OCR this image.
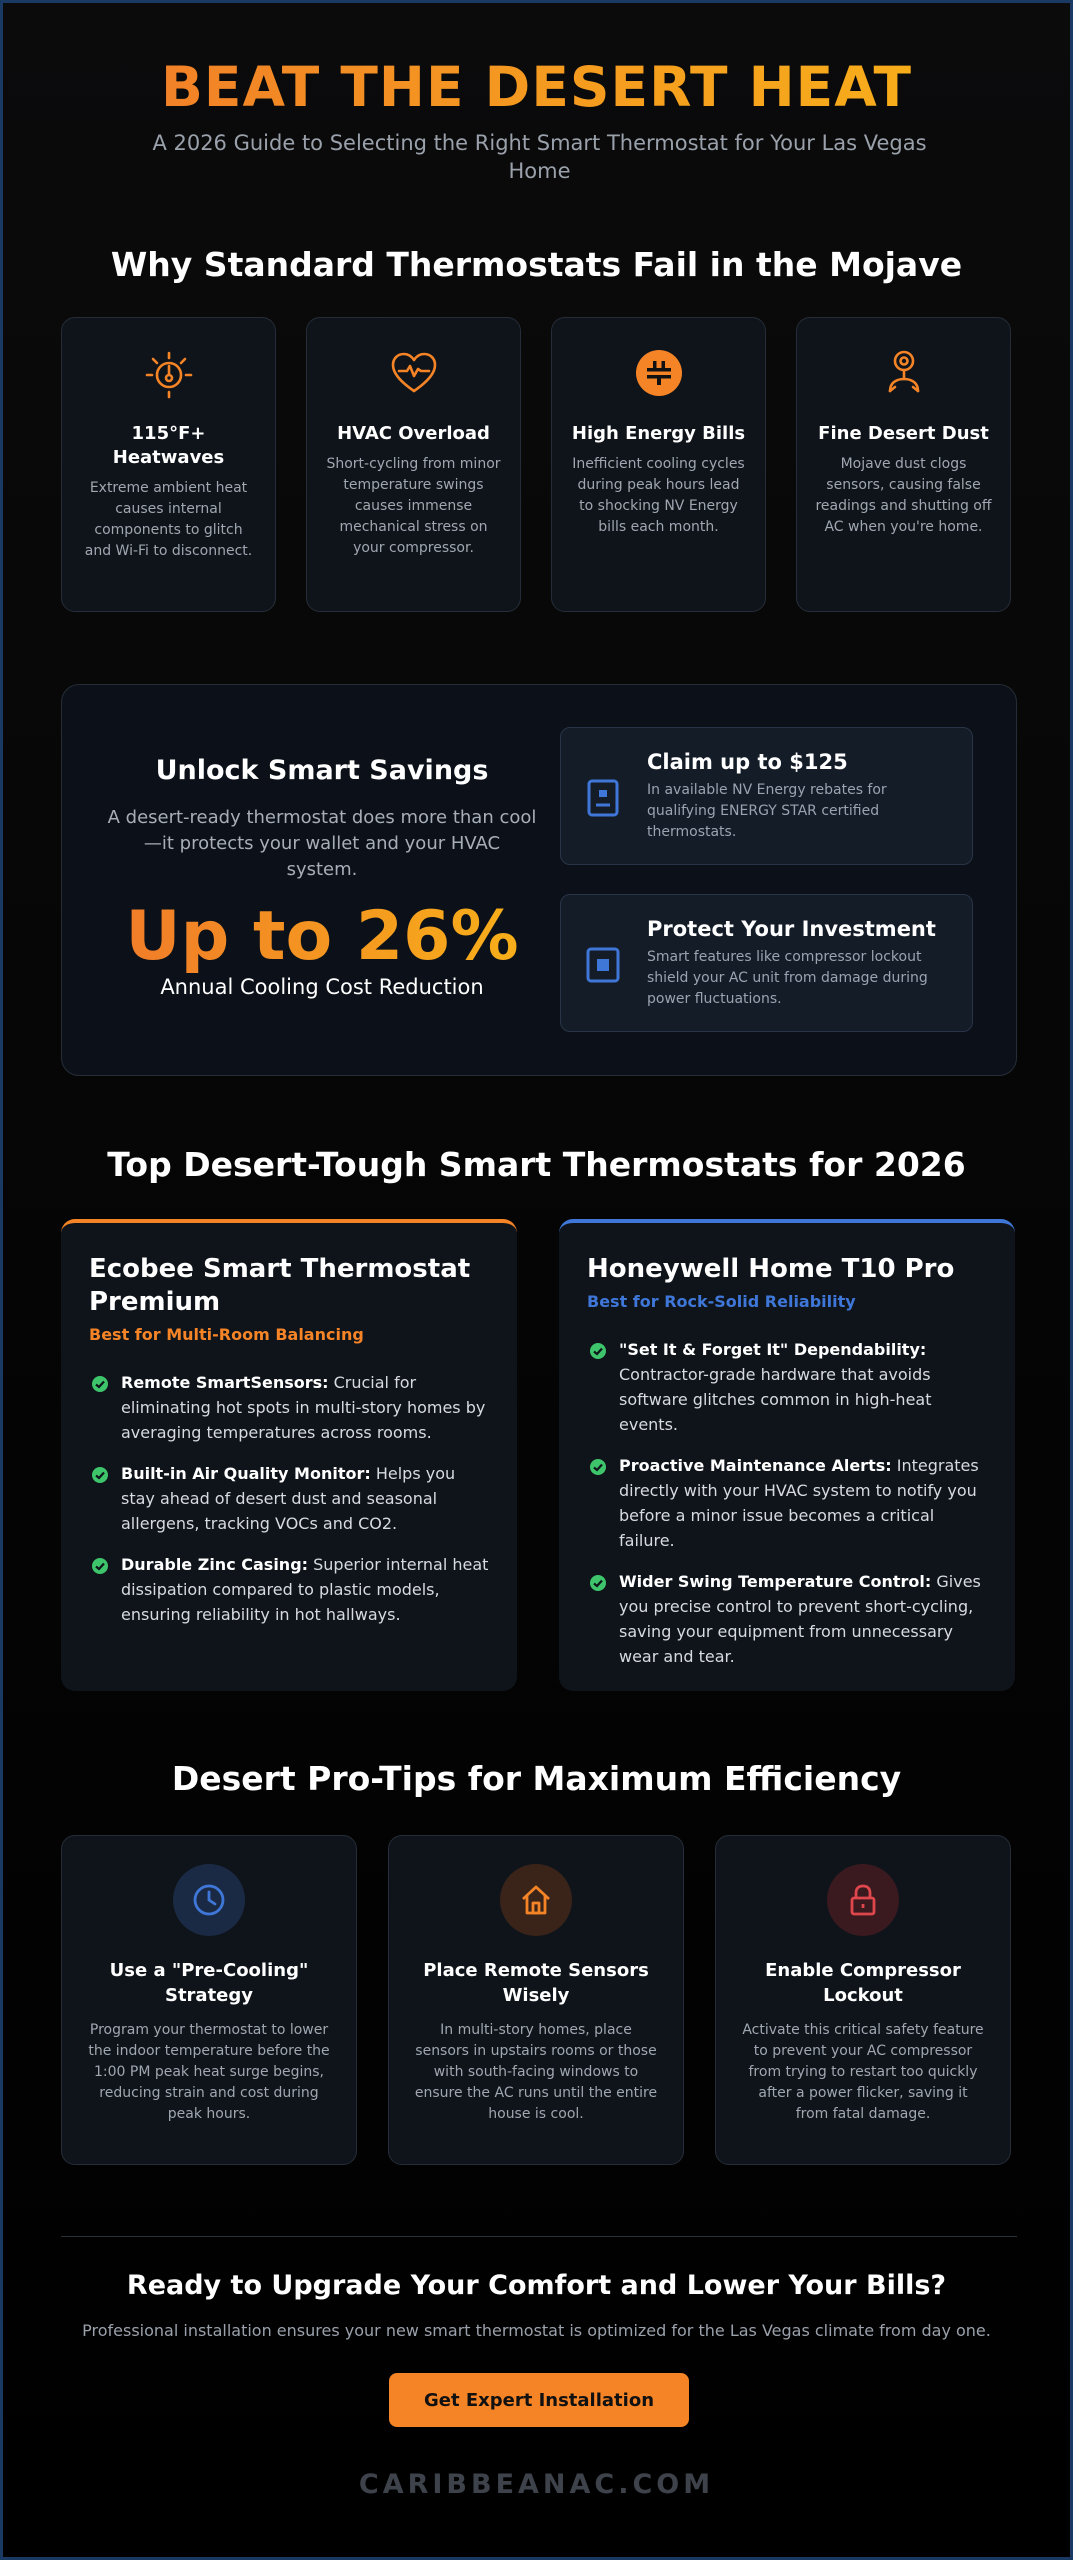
BEAT THE DESERT HEAT

A 2026 Guide to Selecting the Right Smart Thermostat for Your Las Vegas Home

Why Standard Thermostats Fail in the Mojave
115°F+ Heatwaves

Extreme ambient heat causes internal components to glitch and Wi-Fi to disconnect.

HVAC Overload

Short-cycling from minor temperature swings causes immense mechanical stress on your compressor.

High Energy Bills

Inefficient cooling cycles during peak hours lead to shocking NV Energy bills each month.

Fine Desert Dust

Mojave dust clogs sensors, causing false readings and shutting off AC when you're home.

Unlock Smart Savings

A desert-ready thermostat does more than cool—it protects your wallet and your HVAC system.

Up to 26%
Annual Cooling Cost Reduction
Claim up to $125

In available NV Energy rebates for qualifying ENERGY STAR certified thermostats.

Protect Your Investment

Smart features like compressor lockout shield your AC unit from damage during power fluctuations.

Top Desert-Tough Smart Thermostats for 2026
Ecobee Smart Thermostat Premium
Best for Multi-Room Balancing
Remote SmartSensors: Crucial for eliminating hot spots in multi-story homes by averaging temperatures across rooms.
Built-in Air Quality Monitor: Helps you stay ahead of desert dust and seasonal allergens, tracking VOCs and CO2.
Durable Zinc Casing: Superior internal heat dissipation compared to plastic models, ensuring reliability in hot hallways.
Honeywell Home T10 Pro
Best for Rock-Solid Reliability
"Set It & Forget It" Dependability: Contractor-grade hardware that avoids software glitches common in high-heat events.
Proactive Maintenance Alerts: Integrates directly with your HVAC system to notify you before a minor issue becomes a critical failure.
Wider Swing Temperature Control: Gives you precise control to prevent short-cycling, saving your equipment from unnecessary wear and tear.
Desert Pro-Tips for Maximum Efficiency
Use a "Pre-Cooling" Strategy

Program your thermostat to lower the indoor temperature before the 1:00 PM peak heat surge begins, reducing strain and cost during peak hours.

Place Remote Sensors Wisely

In multi-story homes, place sensors in upstairs rooms or those with south-facing windows to ensure the AC runs until the entire house is cool.

Enable Compressor Lockout

Activate this critical safety feature to prevent your AC compressor from trying to restart too quickly after a power flicker, saving it from fatal damage.

Ready to Upgrade Your Comfort and Lower Your Bills?

Professional installation ensures your new smart thermostat is optimized for the Las Vegas climate from day one.

Get Expert Installation
CARIBBEANAC.COM
